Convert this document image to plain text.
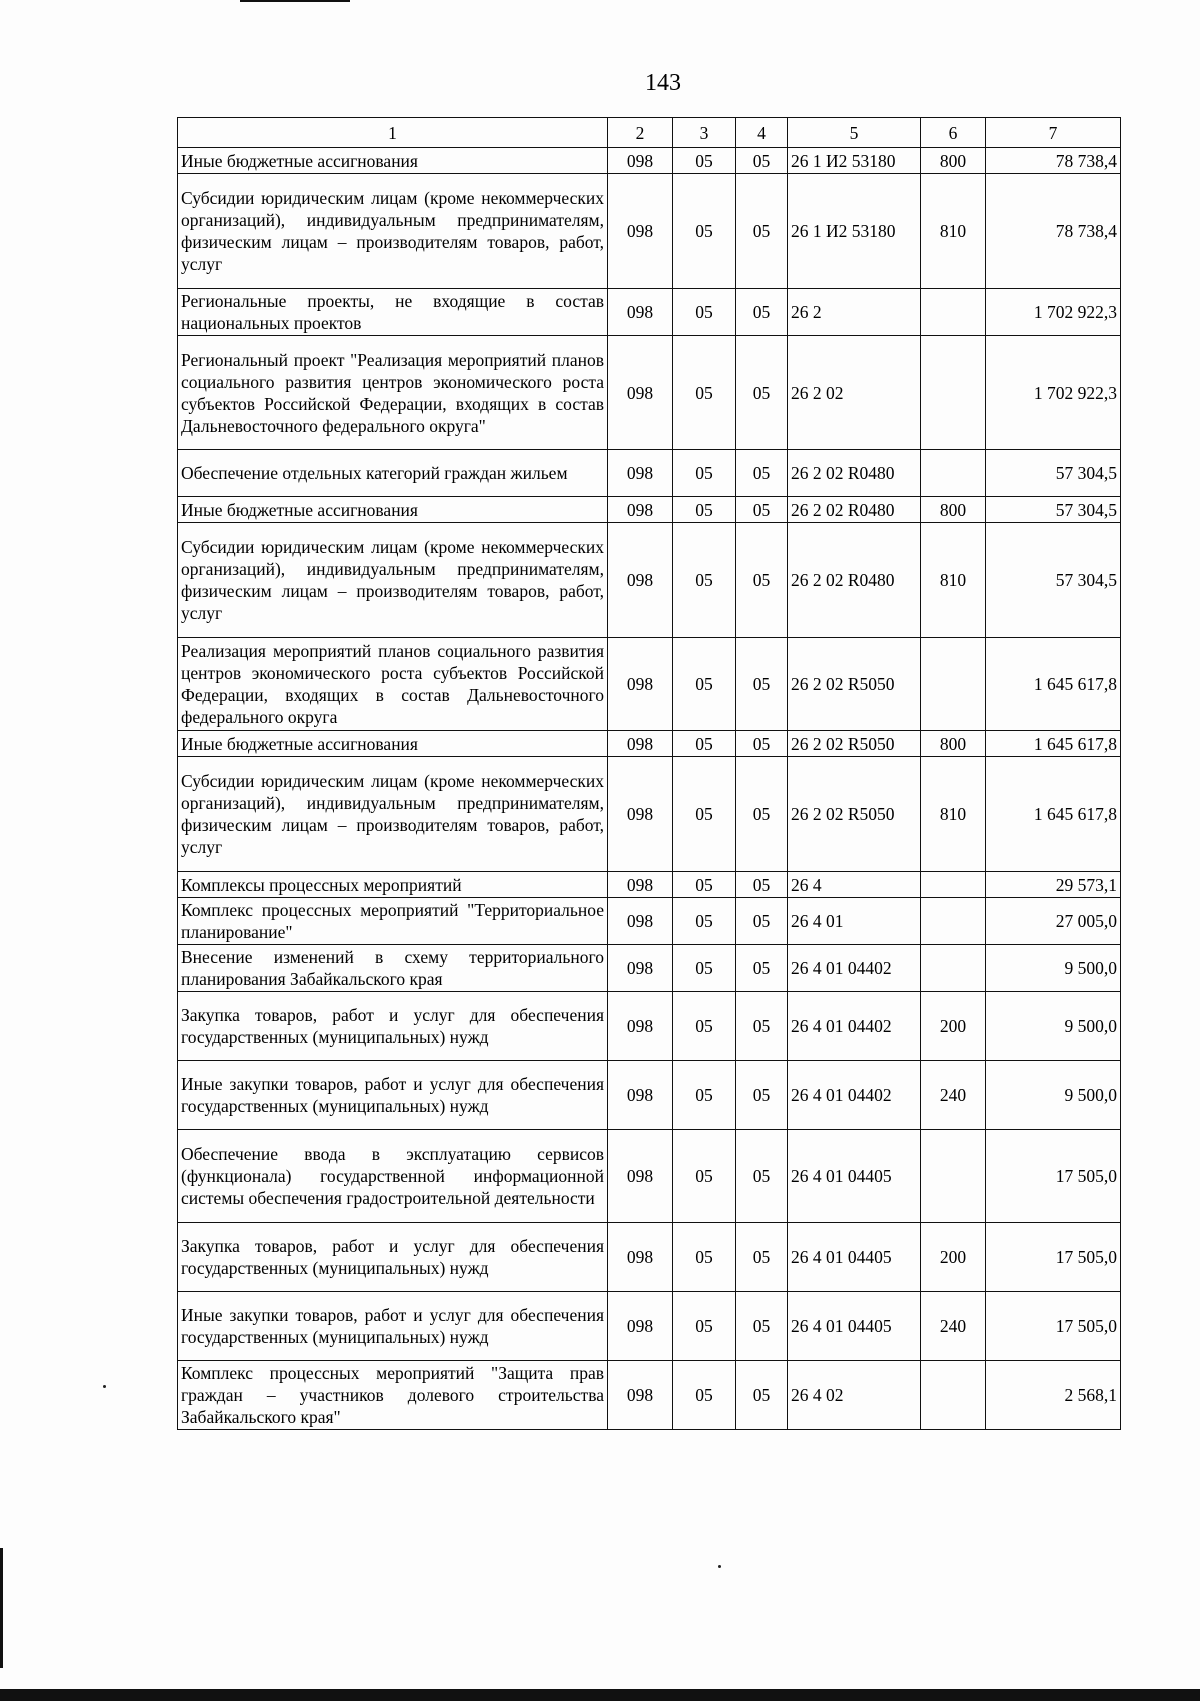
143
1	2	3	4	5	6	7
Иные бюджетные ассигнования	098	05	05	26 1 И2 53180	800	78 738,4
Субсидии юридическим лицам (кроме некоммерческих организаций), индивидуальным предпринимателям, физическим лицам – производителям товаров, работ, услуг	098	05	05	26 1 И2 53180	810	78 738,4
Региональные проекты, не входящие в состав национальных проектов	098	05	05	26 2		1 702 922,3
Региональный проект "Реализация мероприятий планов социального развития центров экономического роста субъектов Российской Федерации, входящих в состав Дальневосточного федерального округа"	098	05	05	26 2 02		1 702 922,3
Обеспечение отдельных категорий граждан жильем	098	05	05	26 2 02 R0480		57 304,5
Иные бюджетные ассигнования	098	05	05	26 2 02 R0480	800	57 304,5
Субсидии юридическим лицам (кроме некоммерческих организаций), индивидуальным предпринимателям, физическим лицам – производителям товаров, работ, услуг	098	05	05	26 2 02 R0480	810	57 304,5
Реализация мероприятий планов социального развития центров экономического роста субъектов Российской Федерации, входящих в состав Дальневосточного федерального округа	098	05	05	26 2 02 R5050		1 645 617,8
Иные бюджетные ассигнования	098	05	05	26 2 02 R5050	800	1 645 617,8
Субсидии юридическим лицам (кроме некоммерческих организаций), индивидуальным предпринимателям, физическим лицам – производителям товаров, работ, услуг	098	05	05	26 2 02 R5050	810	1 645 617,8
Комплексы процессных мероприятий	098	05	05	26 4		29 573,1
Комплекс процессных мероприятий "Территориальное планирование"	098	05	05	26 4 01		27 005,0
Внесение изменений в схему территориального планирования Забайкальского края	098	05	05	26 4 01 04402		9 500,0
Закупка товаров, работ и услуг для обеспечения государственных (муниципальных) нужд	098	05	05	26 4 01 04402	200	9 500,0
Иные закупки товаров, работ и услуг для обеспечения государственных (муниципальных) нужд	098	05	05	26 4 01 04402	240	9 500,0
Обеспечение ввода в эксплуатацию сервисов (функционала) государственной информационной системы обеспечения градостроительной деятельности	098	05	05	26 4 01 04405		17 505,0
Закупка товаров, работ и услуг для обеспечения государственных (муниципальных) нужд	098	05	05	26 4 01 04405	200	17 505,0
Иные закупки товаров, работ и услуг для обеспечения государственных (муниципальных) нужд	098	05	05	26 4 01 04405	240	17 505,0
Комплекс процессных мероприятий "Защита прав граждан – участников долевого строительства Забайкальского края"	098	05	05	26 4 02		2 568,1
